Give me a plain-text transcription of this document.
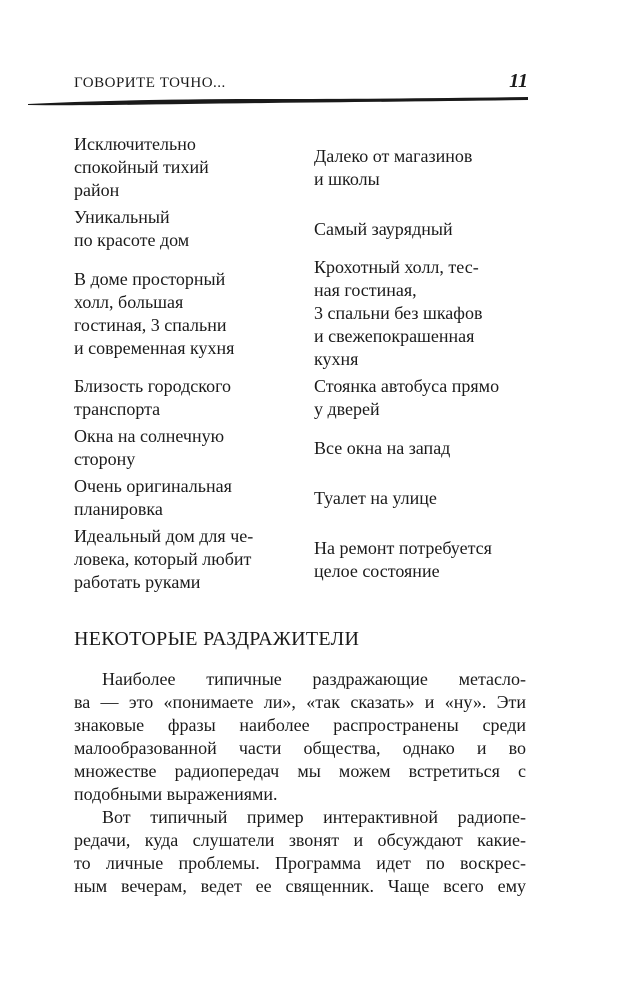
ГОВОРИТЕ ТОЧНО...	11
Исключительно
спокойный тихий
район
Далеко от магазинов
и школы
Уникальный
по красоте дом
Самый заурядный
В доме просторный
холл, большая
гостиная, 3 спальни
и современная кухня
Крохотный холл, тес-
ная гостиная,
3 спальни без шкафов
и свежепокрашенная
кухня
Близость городского
транспорта
Стоянка автобуса прямо
у дверей
Окна на солнечную
сторону
Все окна на запад
Очень оригинальная
планировка
Туалет на улице
Идеальный дом для че-
ловека, который любит
работать руками
На ремонт потребуется
целое состояние
НЕКОТОРЫЕ РАЗДРАЖИТЕЛИ
Наиболее типичные раздражающие метасло-
ва — это «понимаете ли», «так сказать» и «ну». Эти
знаковые фразы наиболее распространены среди
малообразованной части общества, однако и во
множестве радиопередач мы можем встретиться с
подобными выражениями.
Вот типичный пример интерактивной радиопе-
редачи, куда слушатели звонят и обсуждают какие-
то личные проблемы. Программа идет по воскрес-
ным вечерам, ведет ее священник. Чаще всего ему
